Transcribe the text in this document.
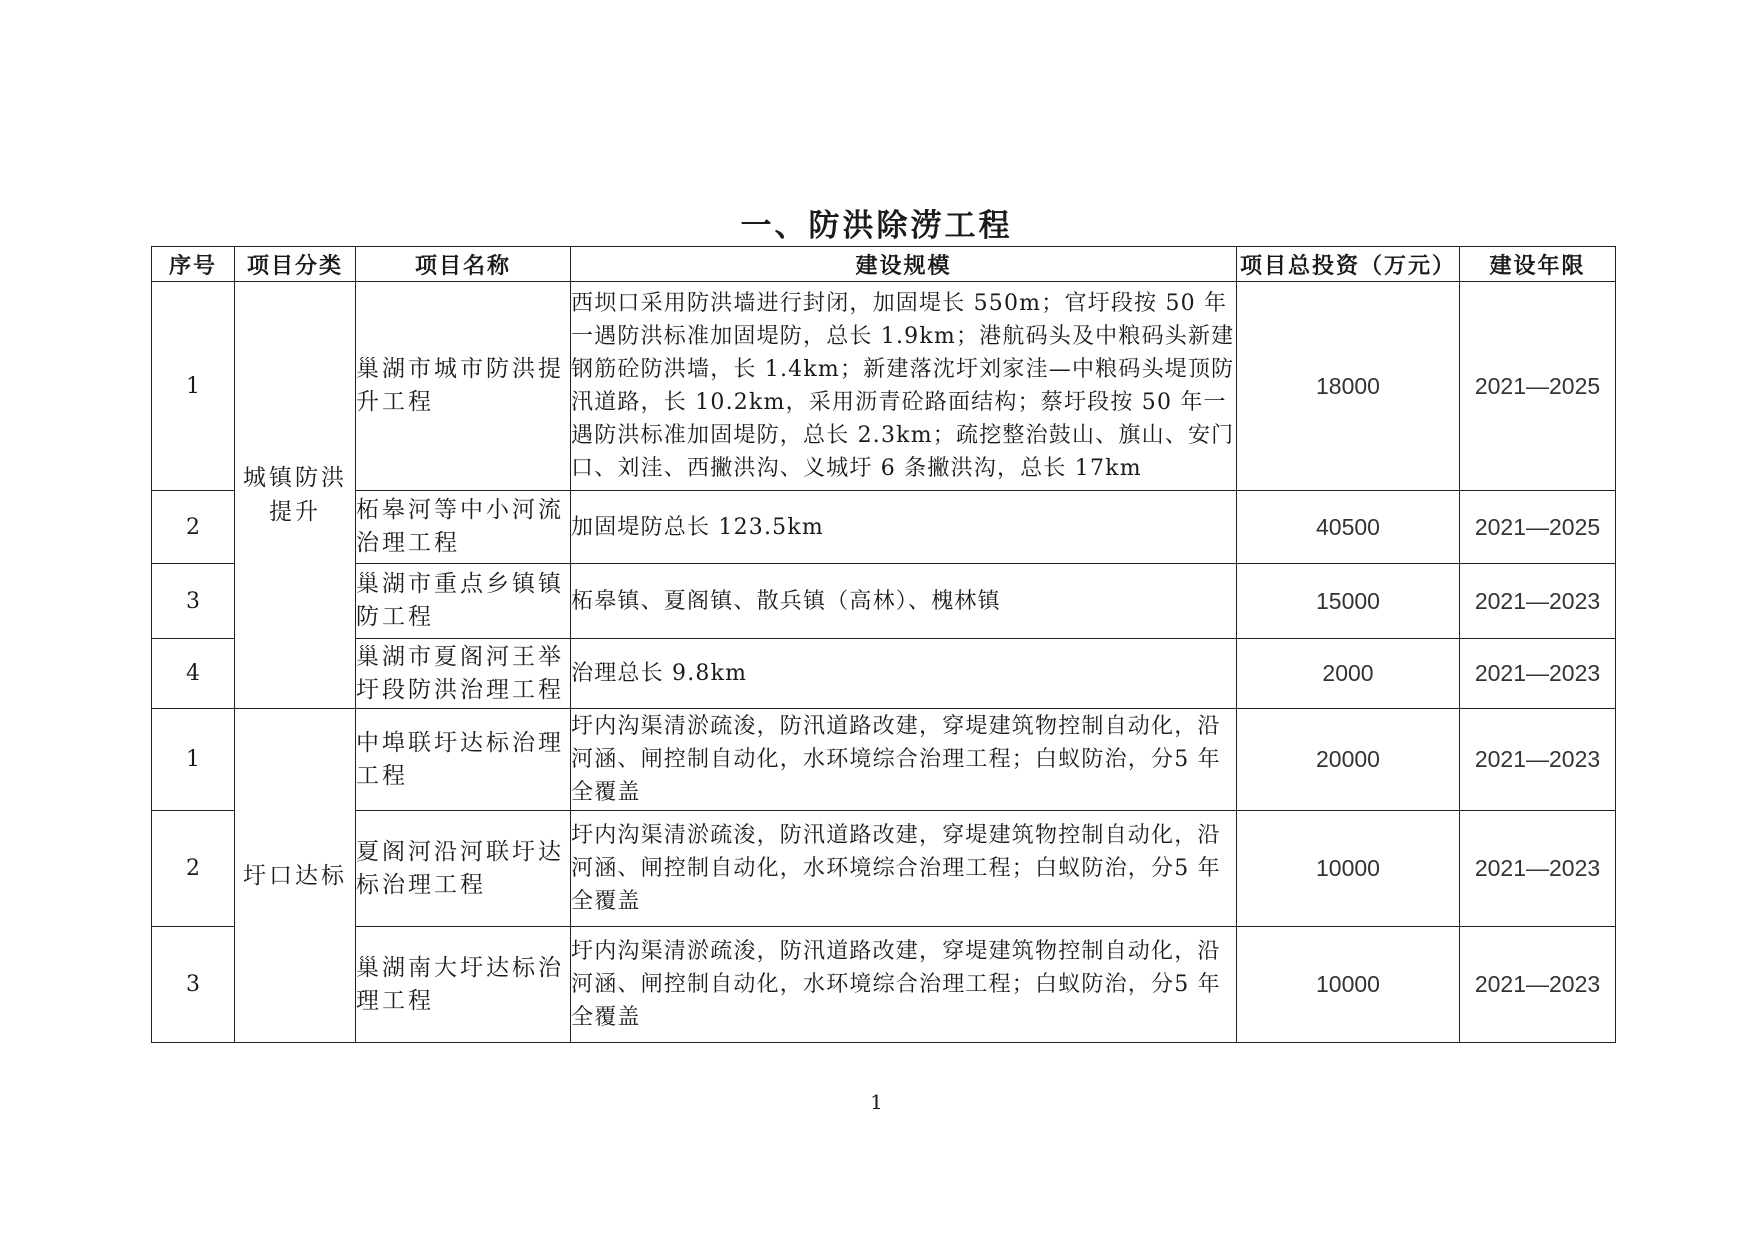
一、防洪除涝工程
序号	项目分类	项目名称	建设规模	项目总投资（万元）	建设年限
1	城镇防洪提升	巢湖市城市防洪提升工程	西坝口采用防洪墙进行封闭，加固堤长 550m；官圩段按 50 年一遇防洪标准加固堤防，总长 1.9km；港航码头及中粮码头新建钢筋砼防洪墙，长 1.4km；新建落沈圩刘家洼—中粮码头堤顶防汛道路，长 10.2km，采用沥青砼路面结构；蔡圩段按 50 年一遇防洪标准加固堤防，总长 2.3km；疏挖整治鼓山、旗山、安门口、刘洼、西撇洪沟、义城圩 6 条撇洪沟，总长 17km	18000	2021—2025
2		柘皋河等中小河流治理工程	加固堤防总长 123.5km	40500	2021—2025
3		巢湖市重点乡镇镇防工程	柘皋镇、夏阁镇、散兵镇（高林）、槐林镇	15000	2021—2023
4		巢湖市夏阁河王举圩段防洪治理工程	治理总长 9.8km	2000	2021—2023
1	圩口达标	中埠联圩达标治理工程	圩内沟渠清淤疏浚，防汛道路改建，穿堤建筑物控制自动化，沿河涵、闸控制自动化，水环境综合治理工程；白蚁防治，分5 年全覆盖	20000	2021—2023
2		夏阁河沿河联圩达标治理工程	圩内沟渠清淤疏浚，防汛道路改建，穿堤建筑物控制自动化，沿河涵、闸控制自动化，水环境综合治理工程；白蚁防治，分5 年全覆盖	10000	2021—2023
3		巢湖南大圩达标治理工程	圩内沟渠清淤疏浚，防汛道路改建，穿堤建筑物控制自动化，沿河涵、闸控制自动化，水环境综合治理工程；白蚁防治，分5 年全覆盖	10000	2021—2023
1
